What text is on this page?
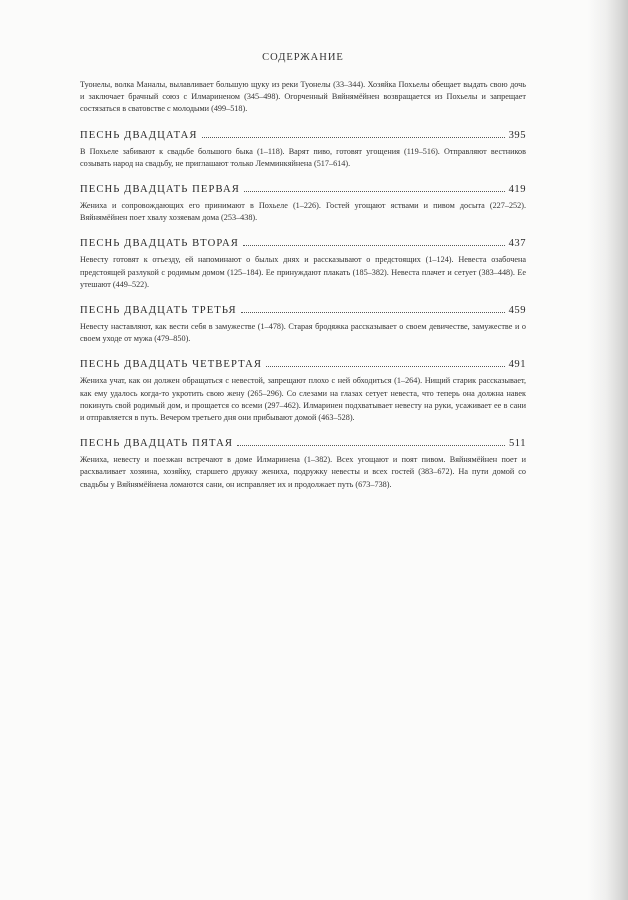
СОДЕРЖАНИЕ

Туонелы, волка Маналы, вылавливает большую щуку из реки Туонелы (33–344). Хозяйка Похьелы обещает выдать свою дочь и заключает брачный союз с Илмариненом (345–498). Огорченный Вяйнямёйнен возвращается из Похьелы и запрещает состязаться в сватовстве с молодыми (499–518).

ПЕСНЬ ДВАДЦАТАЯ	395

В Похьеле забивают к свадьбе большого быка (1–118). Варят пиво, готовят угощения (119–516). Отправляют вестников созывать народ на свадьбу, не приглашают только Лемминкяйнена (517–614).

ПЕСНЬ ДВАДЦАТЬ ПЕРВАЯ	419

Жениха и сопровождающих его принимают в Похьеле (1–226). Гостей угощают яствами и пивом досыта (227–252). Вяйнямёйнен поет хвалу хозяевам дома (253–438).

ПЕСНЬ ДВАДЦАТЬ ВТОРАЯ	437

Невесту готовят к отъезду, ей напоминают о былых днях и рассказывают о предстоящих (1–124). Невеста озабочена предстоящей разлукой с родимым домом (125–184). Ее принуждают плакать (185–382). Невеста плачет и сетует (383–448). Ее утешают (449–522).

ПЕСНЬ ДВАДЦАТЬ ТРЕТЬЯ	459

Невесту наставляют, как вести себя в замужестве (1–478). Старая бродяжка рассказывает о своем девичестве, замужестве и о своем уходе от мужа (479–850).

ПЕСНЬ ДВАДЦАТЬ ЧЕТВЕРТАЯ	491

Жениха учат, как он должен обращаться с невестой, запрещают плохо с ней обходиться (1–264). Нищий старик рассказывает, как ему удалось когда-то укротить свою жену (265–296). Со слезами на глазах сетует невеста, что теперь она должна навек покинуть свой родимый дом, и прощается со всеми (297–462). Илмаринен подхватывает невесту на руки, усаживает ее в сани и отправляется в путь. Вечером третьего дня они прибывают домой (463–528).

ПЕСНЬ ДВАДЦАТЬ ПЯТАЯ	511

Жениха, невесту и поезжан встречают в доме Илмаринена (1–382). Всех угощают и поят пивом. Вяйнямёйнен поет и расхваливает хозяина, хозяйку, старшего дружку жениха, подружку невесты и всех гостей (383–672). На пути домой со свадьбы у Вяйнямёйнена ломаются сани, он исправляет их и продолжает путь (673–738).
